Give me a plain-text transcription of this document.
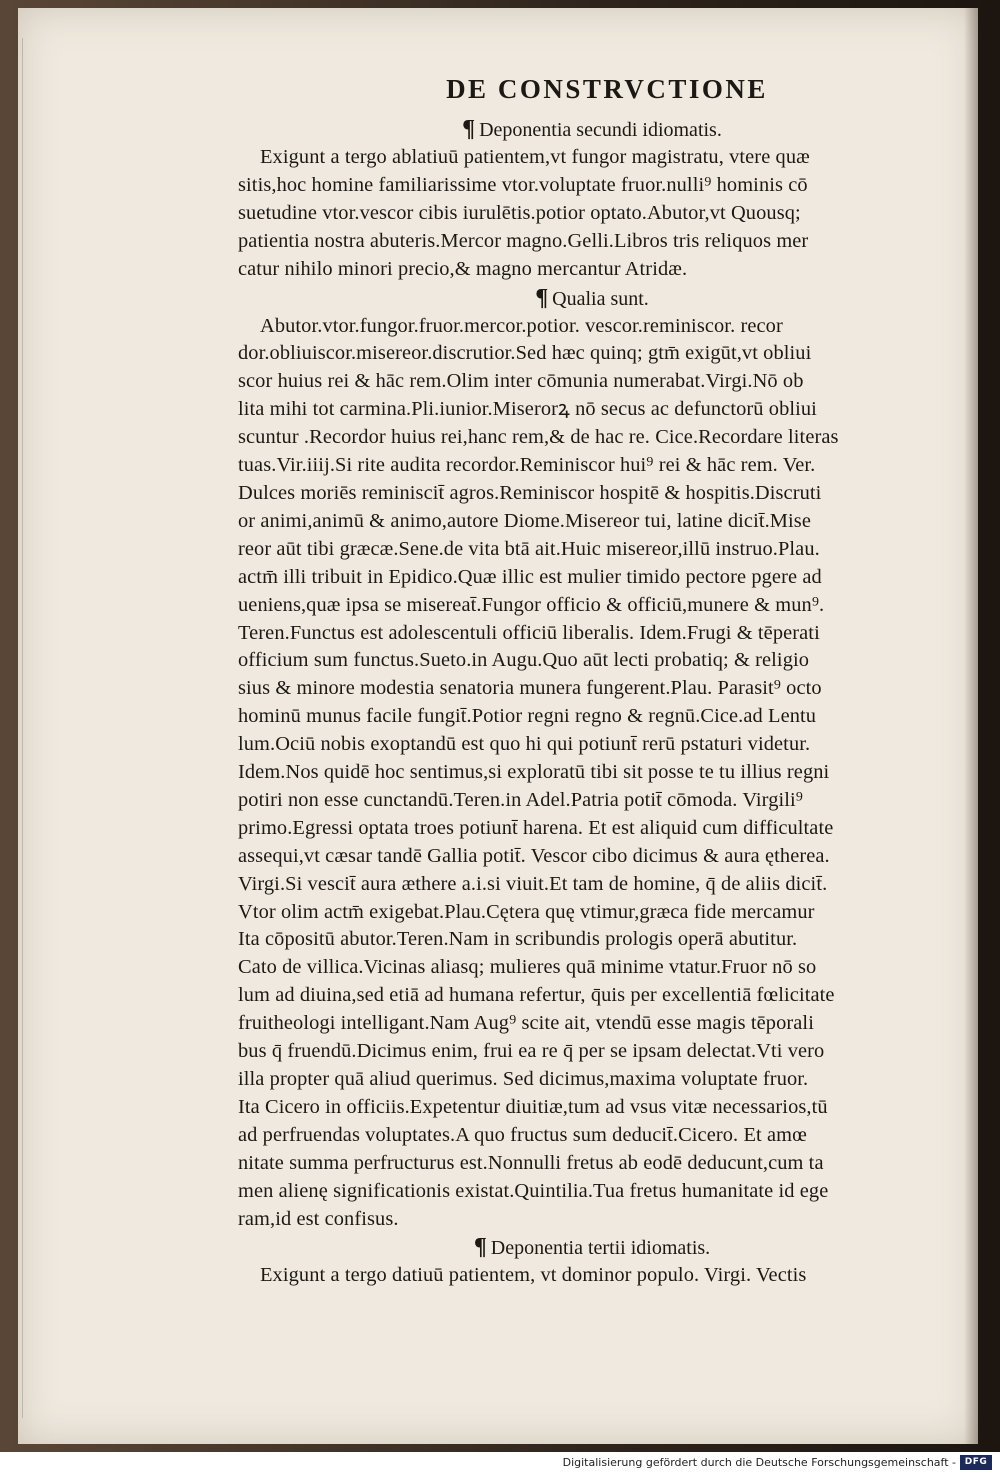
DE CONSTRVCTIONE

¶ Deponentia secundi idiomatis.

Exigunt a tergo ablatiuū patientem,vt fungor magistratu, vtere quæ

sitis,hoc homine familiarissime vtor.voluptate fruor.nulli⁹ hominis cō

suetudine vtor.vescor cibis iurulētis.potior optato.Abutor,vt Quousq;

patientia nostra abuteris.Mercor magno.Gelli.Libros tris reliquos mer

catur nihilo minori precio,& magno mercantur Atridæ.

¶ Qualia sunt.

Abutor.vtor.fungor.fruor.mercor.potior. vescor.reminiscor. recor

dor.obliuiscor.misereor.discrutior.Sed hæc quinq; gtm̄ exigūt,vt obliui

scor huius rei & hāc rem.Olim inter cōmunia numerabat.Virgi.Nō ob

lita mihi tot carmina.Pli.iunior.Miserorꝝ nō secus ac defunctorū obliui

scuntur .Recordor huius rei,hanc rem,& de hac re. Cice.Recordare literas

tuas.Vir.iiij.Si rite audita recordor.Reminiscor hui⁹ rei & hāc rem. Ver.

Dulces moriēs reminiscit̄ agros.Reminiscor hospitē & hospitis.Discruti

or animi,animū & animo,autore Diome.Misereor tui, latine dicit̄.Mise

reor aūt tibi græcæ.Sene.de vita btā ait.Huic misereor,illū instruo.Plau.

actm̄ illi tribuit in Epidico.Quæ illic est mulier timido pectore pgere ad

ueniens,quæ ipsa se misereat̄.Fungor officio & officiū,munere & mun⁹.

Teren.Functus est adolescentuli officiū liberalis. Idem.Frugi & tēperati

officium sum functus.Sueto.in Augu.Quo aūt lecti probatiq; & religio

sius & minore modestia senatoria munera fungerent.Plau. Parasit⁹ octo

hominū munus facile fungit̄.Potior regni regno & regnū.Cice.ad Lentu

lum.Ociū nobis exoptandū est quo hi qui potiunt̄ rerū pstaturi videtur.

Idem.Nos quidē hoc sentimus,si exploratū tibi sit posse te tu illius regni

potiri non esse cunctandū.Teren.in Adel.Patria potit̄ cōmoda. Virgili⁹

primo.Egressi optata troes potiunt̄ harena. Et est aliquid cum difficultate

assequi,vt cæsar tandē Gallia potit̄. Vescor cibo dicimus & aura ętherea.

Virgi.Si vescit̄ aura æthere a.i.si viuit.Et tam de homine, q̄ de aliis dicit̄.

Vtor olim actm̄ exigebat.Plau.Cętera quę vtimur,græca fide mercamur

Ita cōpositū abutor.Teren.Nam in scribundis prologis operā abutitur.

Cato de villica.Vicinas aliasq; mulieres quā minime vtatur.Fruor nō so

lum ad diuina,sed etiā ad humana refertur, q̄uis per excellentiā fœlicitate

fruitheologi intelligant.Nam Aug⁹ scite ait, vtendū esse magis tēporali

bus q̄ fruendū.Dicimus enim, frui ea re q̄ per se ipsam delectat.Vti vero

illa propter quā aliud querimus. Sed dicimus,maxima voluptate fruor.

Ita Cicero in officiis.Expetentur diuitiæ,tum ad vsus vitæ necessarios,tū

ad perfruendas voluptates.A quo fructus sum deducit̄.Cicero. Et amœ

nitate summa perfructurus est.Nonnulli fretus ab eodē deducunt,cum ta

men alienę significationis existat.Quintilia.Tua fretus humanitate id ege

ram,id est confisus.

¶ Deponentia tertii idiomatis.

Exigunt a tergo datiuū patientem, vt dominor populo. Virgi. Vectis

Digitalisierung gefördert durch die Deutsche Forschungsgemeinschaft - DFG
